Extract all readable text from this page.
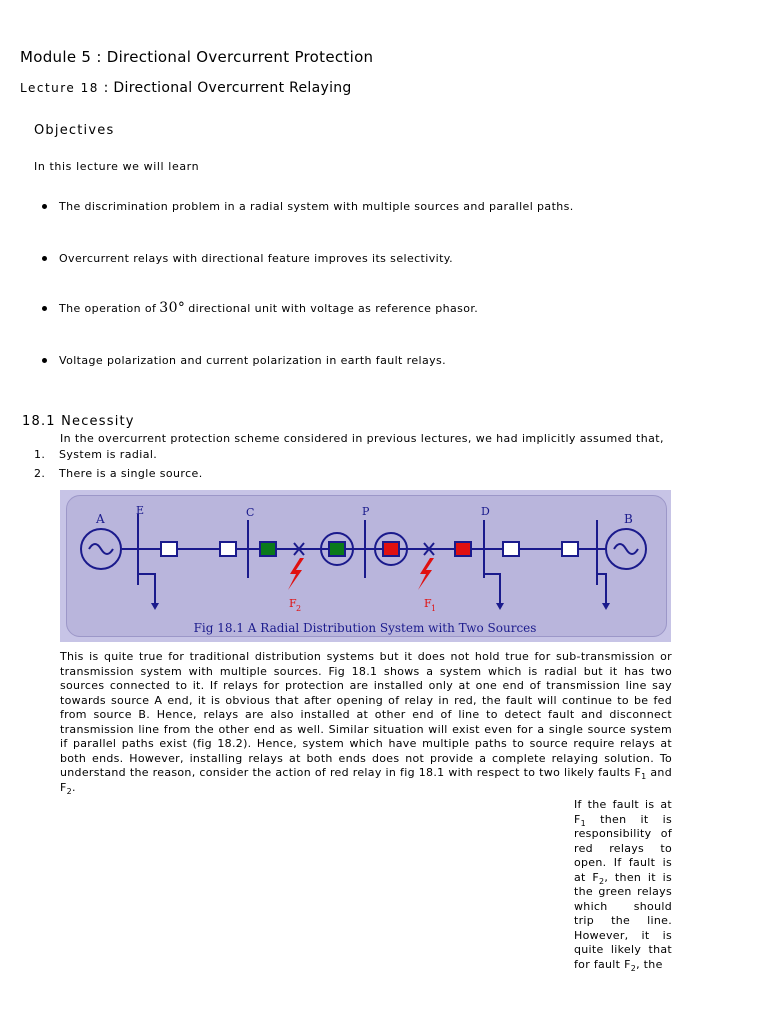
Module 5 : Directional Overcurrent Protection
Lecture 18 : Directional Overcurrent Relaying
Objectives
In this lecture we will learn
The discrimination problem in a radial system with multiple sources and parallel paths.
Overcurrent relays with directional feature improves its selectivity.
The operation of 30° directional unit with voltage as reference phasor.
Voltage polarization and current polarization in earth fault relays.
18.1 Necessity
In the overcurrent protection scheme considered in previous lectures, we had implicitly assumed that,
1. System is radial.
2. There is a single source.
A
E	C	P	D
B
F 2	F 1
Fig 18.1 A Radial Distribution System with Two Sources
This is quite true for traditional distribution systems but it does not hold true for sub-transmission or transmission system with multiple sources. Fig 18.1 shows a system which is radial but it has two sources connected to it. If relays for protection are installed only at one end of transmission line say towards source A end, it is obvious that after opening of relay in red, the fault will continue to be fed from source B. Hence, relays are also installed at other end of line to detect fault and disconnect transmission line from the other end as well. Similar situation will exist even for a single source system if parallel paths exist (fig 18.2). Hence, system which have multiple paths to source require relays at both ends. However, installing relays at both ends does not provide a complete relaying solution. To understand the reason, consider the action of red relay in fig 18.1 with respect to two likely faults $F_1$ and $F_2$.
If the fault is at $F_1$ then it is responsibility of red relays to open. If fault is at $F_2$, then it is the green relays which should trip the line. However, it is quite likely that for fault $F_2$, the
